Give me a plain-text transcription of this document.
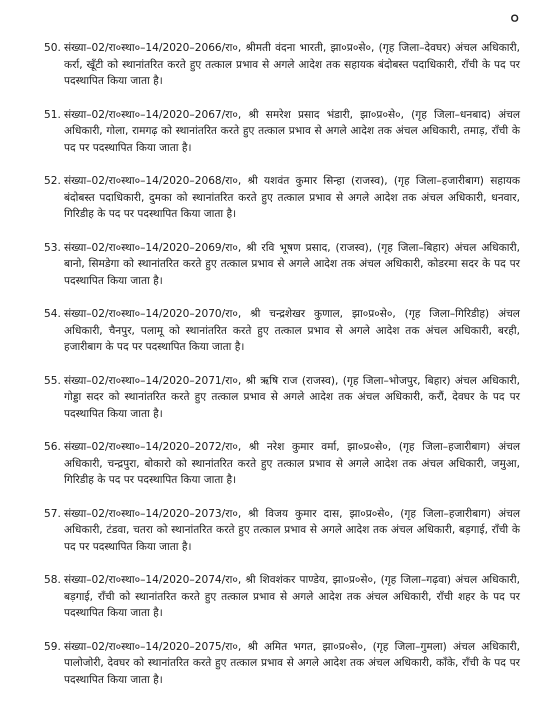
०
50. संख्या–02/रा०स्था०–14/2020–2066/रा०, श्रीमती वंदना भारती, झा०प्र०से०, (गृह जिला–देवघर) अंचल अधिकारी, कर्रा, खूँटी को स्थानांतरित करते हुए तत्काल प्रभाव से अगले आदेश तक सहायक बंदोबस्त पदाधिकारी, राँची के पद पर पदस्थापित किया जाता है।
51. संख्या–02/रा०स्था०–14/2020–2067/रा०, श्री समरेश प्रसाद भंडारी, झा०प्र०से०, (गृह जिला–धनबाद) अंचल अधिकारी, गोला, रामगढ़ को स्थानांतरित करते हुए तत्काल प्रभाव से अगले आदेश तक अंचल अधिकारी, तमाड़, राँची के पद पर पदस्थापित किया जाता है।
52. संख्या–02/रा०स्था०–14/2020–2068/रा०, श्री यशवंत कुमार सिन्हा (राजस्व), (गृह जिला–हजारीबाग) सहायक बंदोबस्त पदाधिकारी, दुमका को स्थानांतरित करते हुए तत्काल प्रभाव से अगले आदेश तक अंचल अधिकारी, धनवार, गिरिडीह के पद पर पदस्थापित किया जाता है।
53. संख्या–02/रा०स्था०–14/2020–2069/रा०, श्री रवि भूषण प्रसाद, (राजस्व), (गृह जिला–बिहार) अंचल अधिकारी, बानो, सिमडेगा को स्थानांतरित करते हुए तत्काल प्रभाव से अगले आदेश तक अंचल अधिकारी, कोडरमा सदर के पद पर पदस्थापित किया जाता है।
54. संख्या–02/रा०स्था०–14/2020–2070/रा०, श्री चन्द्रशेखर कुणाल, झा०प्र०से०, (गृह जिला–गिरिडीह) अंचल अधिकारी, चैनपुर, पलामू को स्थानांतरित करते हुए तत्काल प्रभाव से अगले आदेश तक अंचल अधिकारी, बरही, हजारीबाग के पद पर पदस्थापित किया जाता है।
55. संख्या–02/रा०स्था०–14/2020–2071/रा०, श्री ऋषि राज (राजस्व), (गृह जिला–भोजपुर, बिहार) अंचल अधिकारी, गोड्डा सदर को स्थानांतरित करते हुए तत्काल प्रभाव से अगले आदेश तक अंचल अधिकारी, करौं, देवघर के पद पर पदस्थापित किया जाता है।
56. संख्या–02/रा०स्था०–14/2020–2072/रा०, श्री नरेश कुमार वर्मा, झा०प्र०से०, (गृह जिला–हजारीबाग) अंचल अधिकारी, चन्द्रपुरा, बोकारो को स्थानांतरित करते हुए तत्काल प्रभाव से अगले आदेश तक अंचल अधिकारी, जमुआ, गिरिडीह के पद पर पदस्थापित किया जाता है।
57. संख्या–02/रा०स्था०–14/2020–2073/रा०, श्री विजय कुमार दास, झा०प्र०से०, (गृह जिला–हजारीबाग) अंचल अधिकारी, टंडवा, चतरा को स्थानांतरित करते हुए तत्काल प्रभाव से अगले आदेश तक अंचल अधिकारी, बड़गाई, राँची के पद पर पदस्थापित किया जाता है।
58. संख्या–02/रा०स्था०–14/2020–2074/रा०, श्री शिवशंकर पाण्डेय, झा०प्र०से०, (गृह जिला–गढ़वा) अंचल अधिकारी, बड़गाई, राँची को स्थानांतरित करते हुए तत्काल प्रभाव से अगले आदेश तक अंचल अधिकारी, राँची शहर के पद पर पदस्थापित किया जाता है।
59. संख्या–02/रा०स्था०–14/2020–2075/रा०, श्री अमित भगत, झा०प्र०से०, (गृह जिला–गुमला) अंचल अधिकारी, पालोजोरी, देवघर को स्थानांतरित करते हुए तत्काल प्रभाव से अगले आदेश तक अंचल अधिकारी, काँके, राँची के पद पर पदस्थापित किया जाता है।
